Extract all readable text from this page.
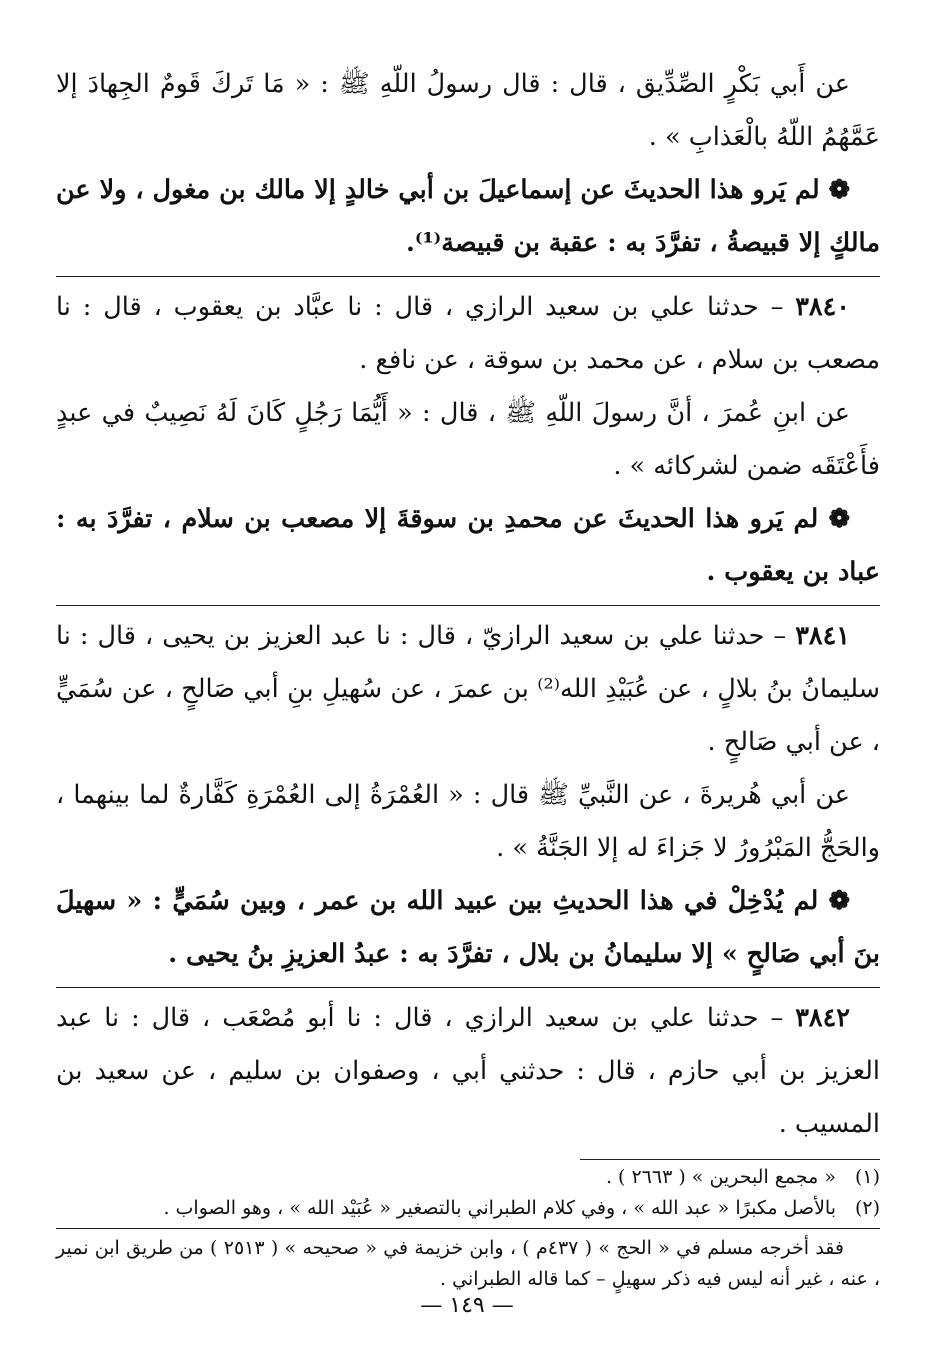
عن أَبي بَكْرٍ الصِّدِّيق ، قال : قال رسولُ اللّهِ ﷺ : « مَا تَركَ قَومٌ الجِهادَ إلا عَمَّهُمُ اللّهُ بالْعَذابِ » .

❁ لم يَرو هذا الحديثَ عن إسماعيلَ بن أبي خالدٍ إلا مالك بن مغول ، ولا عن مالكٍ إلا قبيصةُ ، تفرَّدَ به : عقبة بن قبيصة⁽¹⁾.

٣٨٤٠ – حدثنا علي بن سعيد الرازي ، قال : نا عبَّاد بن يعقوب ، قال : نا مصعب بن سلام ، عن محمد بن سوقة ، عن نافع .

عن ابنِ عُمرَ ، أنَّ رسولَ اللّهِ ﷺ ، قال : « أَيُّمَا رَجُلٍ كَانَ لَهُ نَصِيبٌ في عبدٍ فأَعْتَقَه ضمن لشركائه » .

❁ لم يَرو هذا الحديثَ عن محمدِ بن سوقةَ إلا مصعب بن سلام ، تفرَّدَ به : عباد بن يعقوب .

٣٨٤١ – حدثنا علي بن سعيد الرازيّ ، قال : نا عبد العزيز بن يحيى ، قال : نا سليمانُ بنُ بلالٍ ، عن عُبَيْدِ الله⁽²⁾ بن عمرَ ، عن سُهيلِ بنِ أبي صَالحٍ ، عن سُمَيٍّ ، عن أبي صَالحٍ .

عن أبي هُريرةَ ، عن النَّبيِّ ﷺ قال : « العُمْرَةُ إلى العُمْرَةِ كَفَّارةٌ لما بينهما ، والحَجُّ المَبْرُورُ لا جَزاءَ له إلا الجَنَّةُ » .

❁ لم يُدْخِلْ في هذا الحديثِ بين عبيد الله بن عمر ، وبين سُمَيٍّ : « سهيلَ بنَ أبي صَالحٍ » إلا سليمانُ بن بلال ، تفرَّدَ به : عبدُ العزيزِ بنُ يحيى .

٣٨٤٢ – حدثنا علي بن سعيد الرازي ، قال : نا أبو مُصْعَب ، قال : نا عبد العزيز بن أبي حازم ، قال : حدثني أبي ، وصفوان بن سليم ، عن سعيد بن المسيب .

(١)« مجمع البحرين » ( ٢٦٦٣ ) .

(٢)بالأصل مكبرًا « عبد الله » ، وفي كلام الطبراني بالتصغير « عُبَيْد الله » ، وهو الصواب .

فقد أخرجه مسلم في « الحج » ( ٤٣٧م ) ، وابن خزيمة في « صحيحه » ( ٢٥١٣ ) من طريق ابن نمير ، عنه ، غير أنه ليس فيه ذكر سهيلٍ – كما قاله الطبراني .

— ١٤٩ —
